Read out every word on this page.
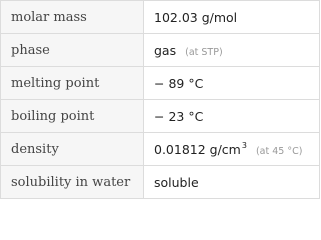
molar mass	102.03 g/mol
phase	gas (at STP)
melting point	− 89 °C
boiling point	− 23 °C
density	0.01812 $g/cm^3$ (at 45 °C)
solubility in water	soluble
